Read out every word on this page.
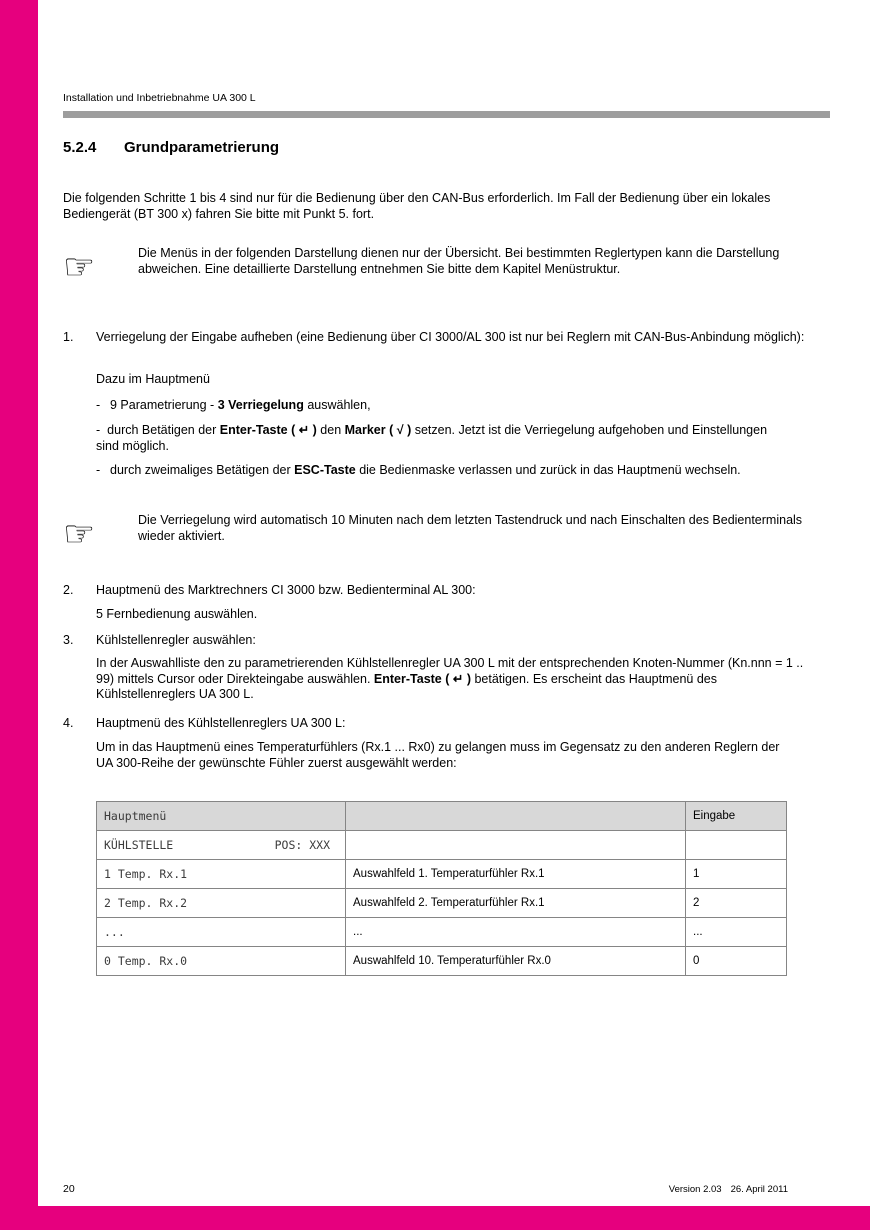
Installation und Inbetriebnahme UA 300 L
5.2.4	Grundparametrierung
Die folgenden Schritte 1 bis 4 sind nur für die Bedienung über den CAN-Bus erforderlich. Im Fall der Bedienung über ein lokales Bediengerät (BT 300 x) fahren Sie bitte mit Punkt 5. fort.
☞	Die Menüs in der folgenden Darstellung dienen nur der Übersicht. Bei bestimmten Reglertypen kann die Darstellung abweichen. Eine detaillierte Darstellung entnehmen Sie bitte dem Kapitel Menüstruktur.
1.	Verriegelung der Eingabe aufheben (eine Bedienung über CI 3000/AL 300 ist nur bei Reglern mit CAN-Bus-Anbindung möglich):
Dazu im Hauptmenü
- 9 Parametrierung - 3 Verriegelung auswählen,
- durch Betätigen der Enter-Taste ( ↵ ) den Marker ( √ ) setzen. Jetzt ist die Verriegelung aufgehoben und Einstellungen sind möglich.
- durch zweimaliges Betätigen der ESC-Taste die Bedienmaske verlassen und zurück in das Hauptmenü wechseln.
☞	Die Verriegelung wird automatisch 10 Minuten nach dem letzten Tastendruck und nach Einschalten des Bedienterminals wieder aktiviert.
2.	Hauptmenü des Marktrechners CI 3000 bzw. Bedienterminal AL 300:
5 Fernbedienung auswählen.
3.	Kühlstellenregler auswählen:
In der Auswahlliste den zu parametrierenden Kühlstellenregler UA 300 L mit der entsprechenden Knoten-Nummer (Kn.nnn = 1 .. 99) mittels Cursor oder Direkteingabe auswählen. Enter-Taste ( ↵ ) betätigen. Es erscheint das Hauptmenü des Kühlstellenreglers UA 300 L.
4.	Hauptmenü des Kühlstellenreglers UA 300 L:
Um in das Hauptmenü eines Temperaturfühlers (Rx.1 ... Rx0) zu gelangen muss im Gegensatz zu den anderen Reglern der UA 300-Reihe der gewünschte Fühler zuerst ausgewählt werden:
Hauptmenü		Eingabe

KÜHLSTELLE POS: XXX		

1 Temp. Rx.1	Auswahlfeld 1. Temperaturfühler Rx.1	1
2 Temp. Rx.2	Auswahlfeld 2. Temperaturfühler Rx.1	2
...	...	...
0 Temp. Rx.0	Auswahlfeld 10. Temperaturfühler Rx.0	0
20	Version 2.03 26. April 2011
